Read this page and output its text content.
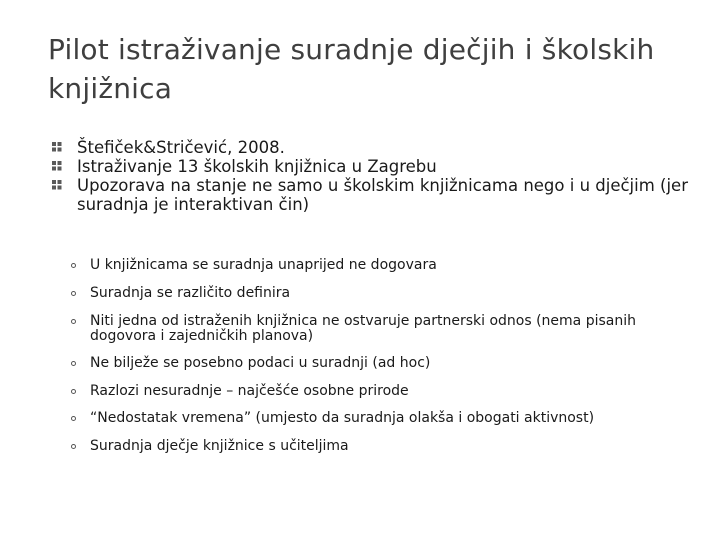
Pilot istraživanje suradnje dječjih i školskih knjižnica
Štefiček&Stričević, 2008.
Istraživanje 13 školskih knjižnica u Zagrebu
Upozorava na stanje ne samo u školskim knjižnicama nego i u dječjim (jer suradnja je interaktivan čin)
U knjižnicama se suradnja unaprijed ne dogovara
Suradnja se različito definira
Niti jedna od istraženih knjižnica ne ostvaruje partnerski odnos (nema pisanih dogovora i zajedničkih planova)
Ne bilježe se posebno podaci u suradnji (ad hoc)
Razlozi nesuradnje – najčešće osobne prirode
“Nedostatak vremena” (umjesto da suradnja olakša i obogati aktivnost)
Suradnja dječje knjižnice s učiteljima
